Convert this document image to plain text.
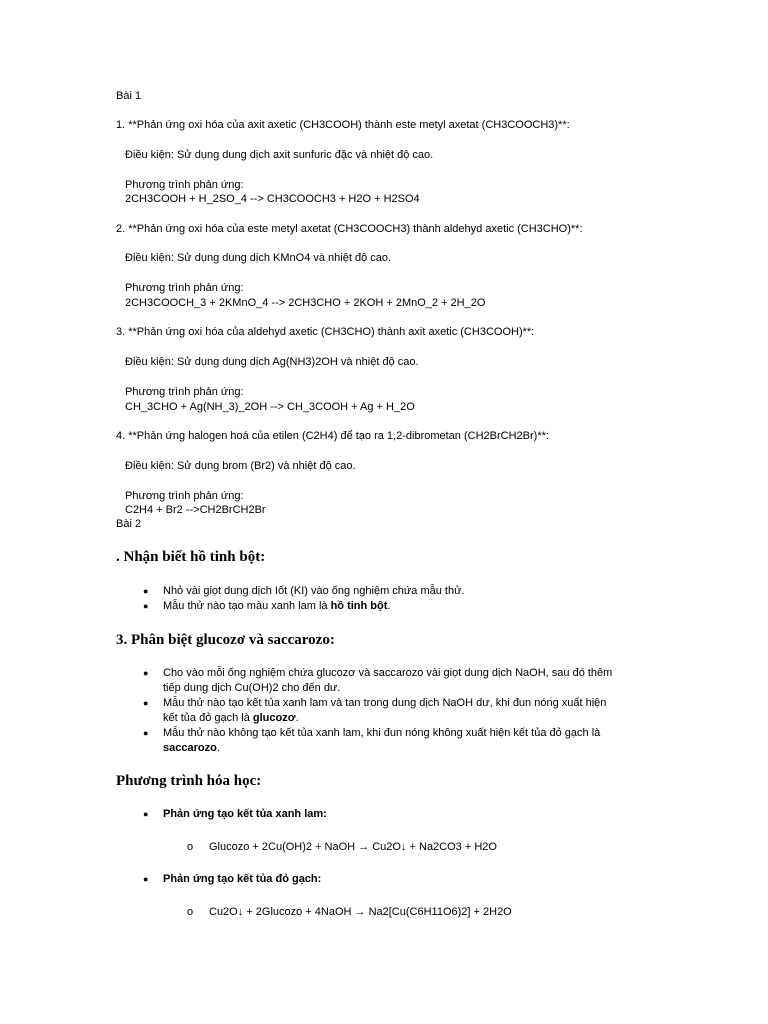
Bài 1
1. **Phản ứng oxi hóa của axit axetic (CH3COOH) thành este metyl axetat (CH3COOCH3)**:
Điều kiện: Sử dụng dung dịch axit sunfuric đặc và nhiệt độ cao.
Phương trình phản ứng:
2CH3COOH + H_2SO_4 --> CH3COOCH3 + H2O + H2SO4
2. **Phản ứng oxi hóa của este metyl axetat (CH3COOCH3) thành aldehyd axetic (CH3CHO)**:
Điều kiện: Sử dụng dung dịch KMnO4 và nhiệt độ cao.
Phương trình phản ứng:
2CH3COOCH_3 + 2KMnO_4 --> 2CH3CHO + 2KOH + 2MnO_2 + 2H_2O
3. **Phản ứng oxi hóa của aldehyd axetic (CH3CHO) thành axit axetic (CH3COOH)**:
Điều kiện: Sử dụng dung dịch Ag(NH3)2OH và nhiệt độ cao.
Phương trình phản ứng:
CH_3CHO + Ag(NH_3)_2OH --> CH_3COOH + Ag + H_2O
4. **Phản ứng halogen hoá của etilen (C2H4) để tạo ra 1,2-dibrometan (CH2BrCH2Br)**:
Điều kiện: Sử dụng brom (Br2) và nhiệt độ cao.
Phương trình phản ứng:
C2H4 + Br2 -->CH2BrCH2Br
Bài 2
. Nhận biết hồ tinh bột:
● Nhỏ vài giọt dung dịch Iốt (KI) vào ống nghiệm chứa mẫu thử.
● Mẫu thử nào tạo màu xanh lam là hồ tinh bột.
3. Phân biệt glucozơ và saccarozo:
● Cho vào mỗi ống nghiệm chứa glucozơ và saccarozo vài giọt dung dịch NaOH, sau đó thêm
tiếp dung dịch Cu(OH)2 cho đến dư.
● Mẫu thử nào tạo kết tủa xanh lam và tan trong dung dịch NaOH dư, khi đun nóng xuất hiện
kết tủa đỏ gạch là glucozơ.
● Mẫu thử nào không tạo kết tủa xanh lam, khi đun nóng không xuất hiện kết tủa đỏ gạch là
saccarozo.
Phương trình hóa học:
● Phản ứng tạo kết tủa xanh lam:
o Glucozo + 2Cu(OH)2 + NaOH → Cu2O↓ + Na2CO3 + H2O
● Phản ứng tạo kết tủa đỏ gạch:
o Cu2O↓ + 2Glucozo + 4NaOH → Na2[Cu(C6H11O6)2] + 2H2O
